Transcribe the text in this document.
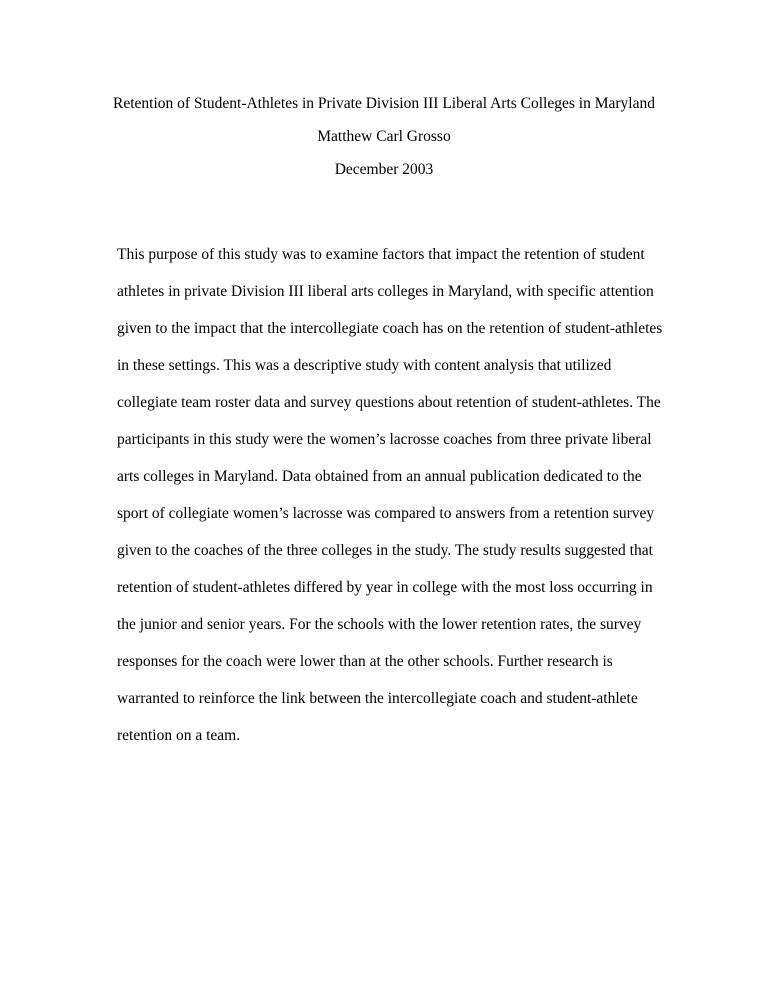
Retention of Student-Athletes in Private Division III Liberal Arts Colleges in Maryland
Matthew Carl Grosso
December 2003
This purpose of this study was to examine factors that impact the retention of student
athletes in private Division III liberal arts colleges in Maryland, with specific attention
given to the impact that the intercollegiate coach has on the retention of student-athletes
in these settings. This was a descriptive study with content analysis that utilized
collegiate team roster data and survey questions about retention of student-athletes. The
participants in this study were the women’s lacrosse coaches from three private liberal
arts colleges in Maryland. Data obtained from an annual publication dedicated to the
sport of collegiate women’s lacrosse was compared to answers from a retention survey
given to the coaches of the three colleges in the study. The study results suggested that
retention of student-athletes differed by year in college with the most loss occurring in
the junior and senior years. For the schools with the lower retention rates, the survey
responses for the coach were lower than at the other schools. Further research is
warranted to reinforce the link between the intercollegiate coach and student-athlete
retention on a team.
